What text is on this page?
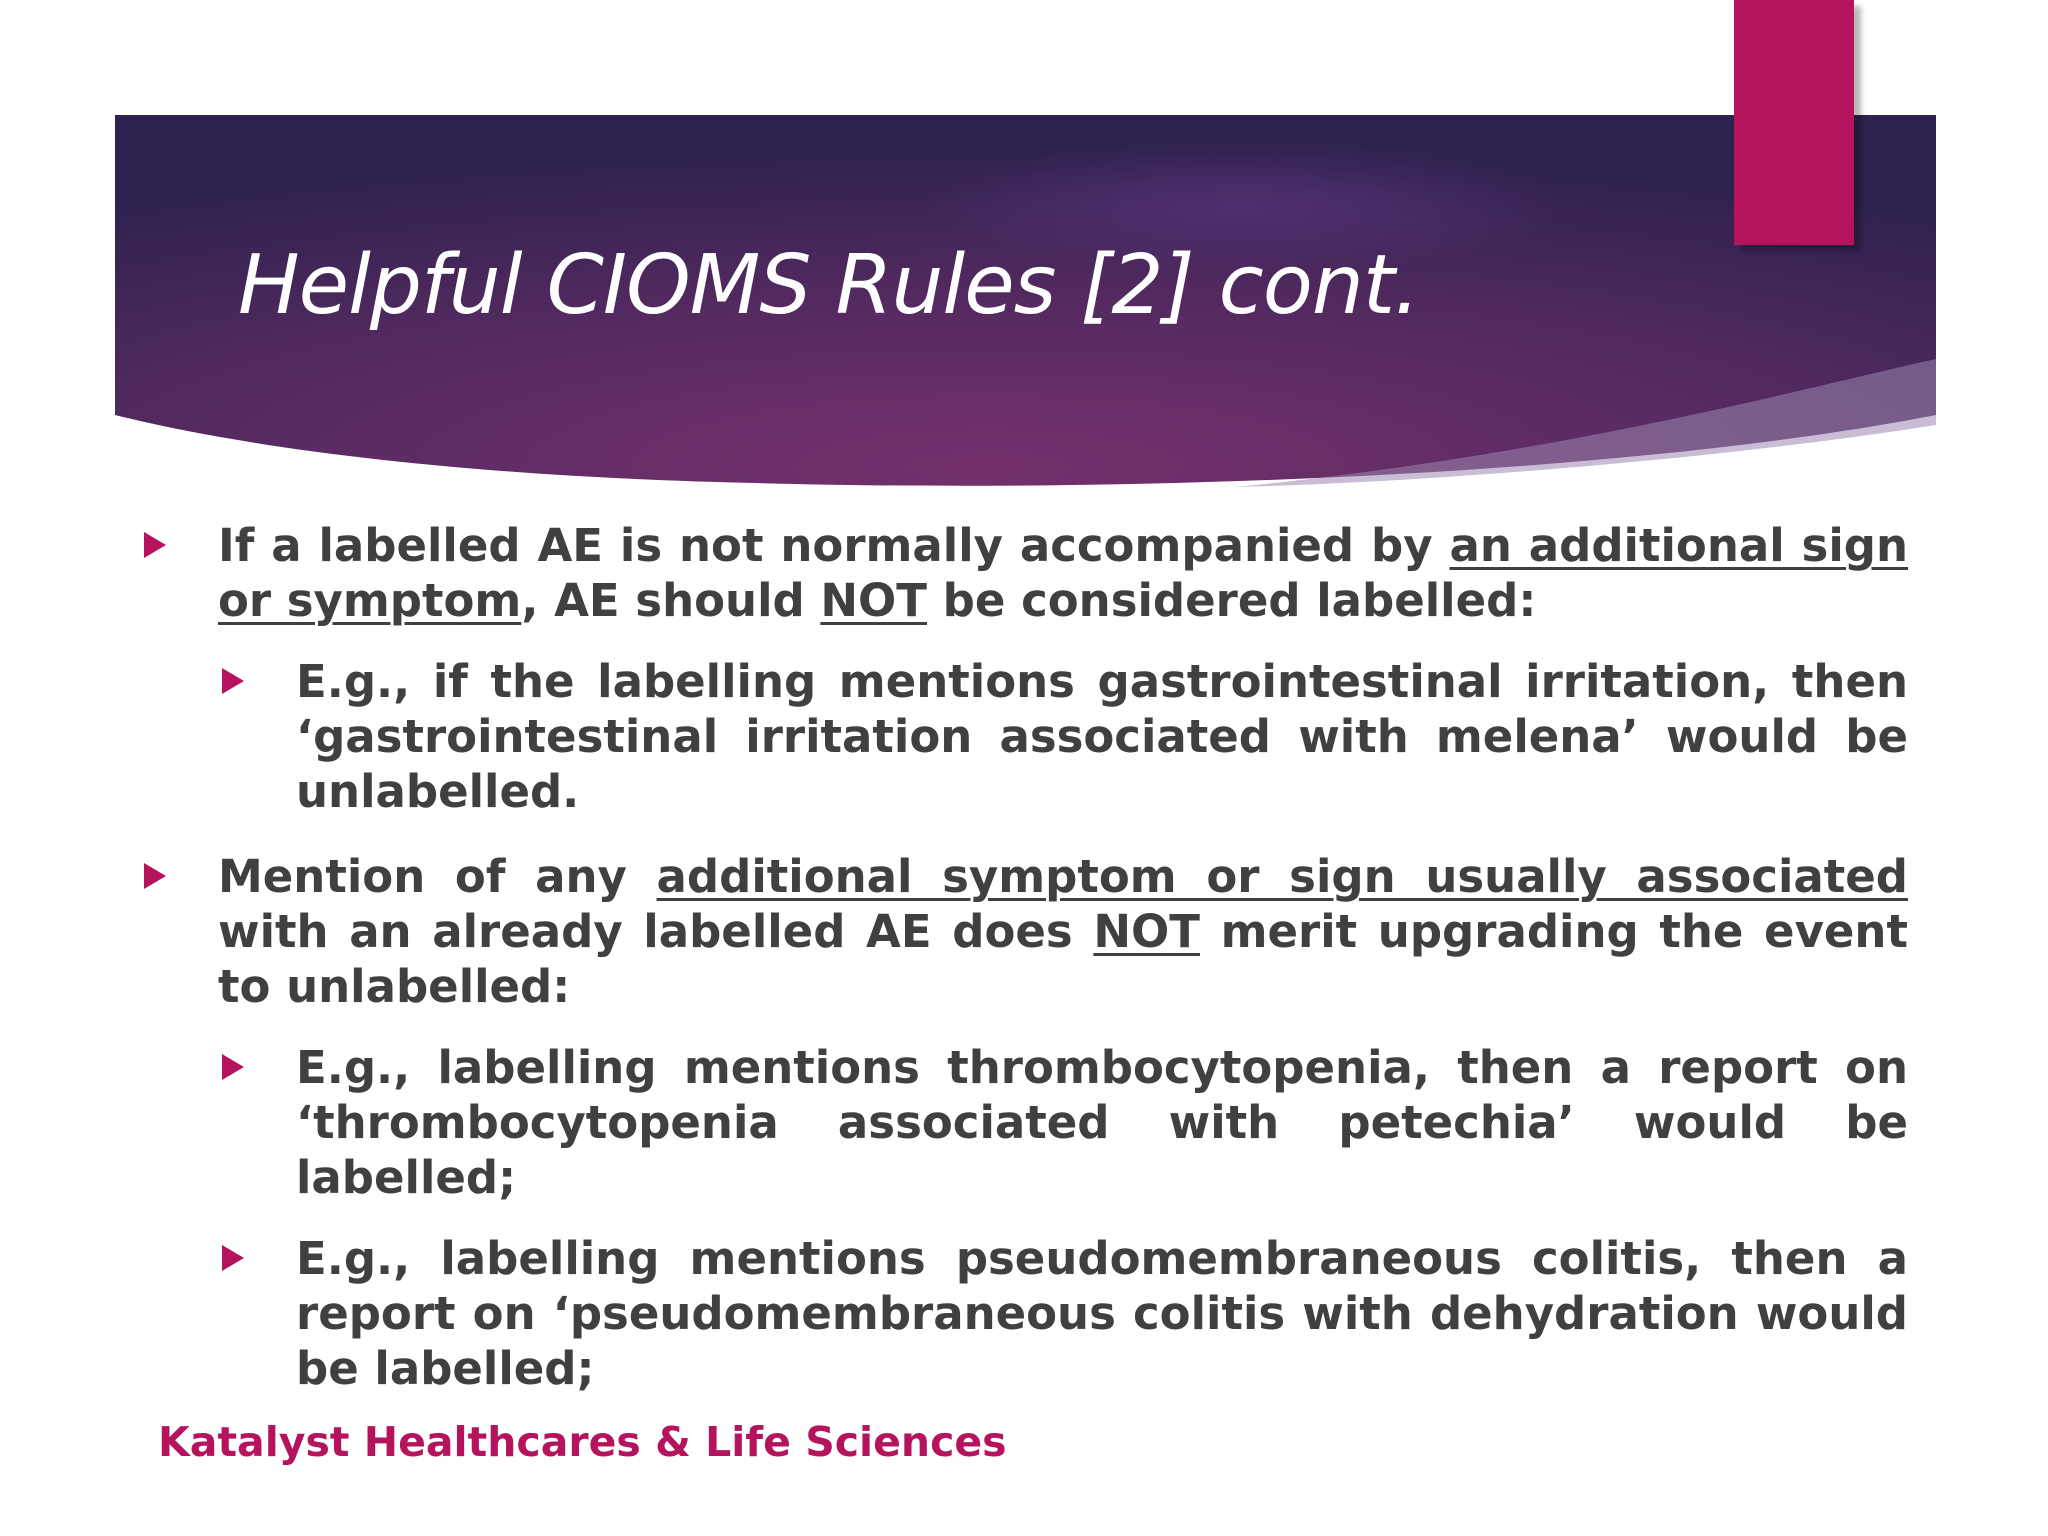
Helpful CIOMS Rules [2] cont.
If a labelled AE is not normally accompanied by an additional sign or symptom, AE should NOT be considered labelled:
E.g., if the labelling mentions gastrointestinal irritation, then ‘gastrointestinal irritation associated with melena’ would be unlabelled.
Mention of any additional symptom or sign usually associated with an already labelled AE does NOT merit upgrading the event to unlabelled:
E.g., labelling mentions thrombocytopenia, then a report on ‘thrombocytopenia associated with petechia’ would be labelled;
E.g., labelling mentions pseudomembraneous colitis, then a report on ‘pseudomembraneous colitis with dehydration would be labelled;
Katalyst Healthcares & Life Sciences
